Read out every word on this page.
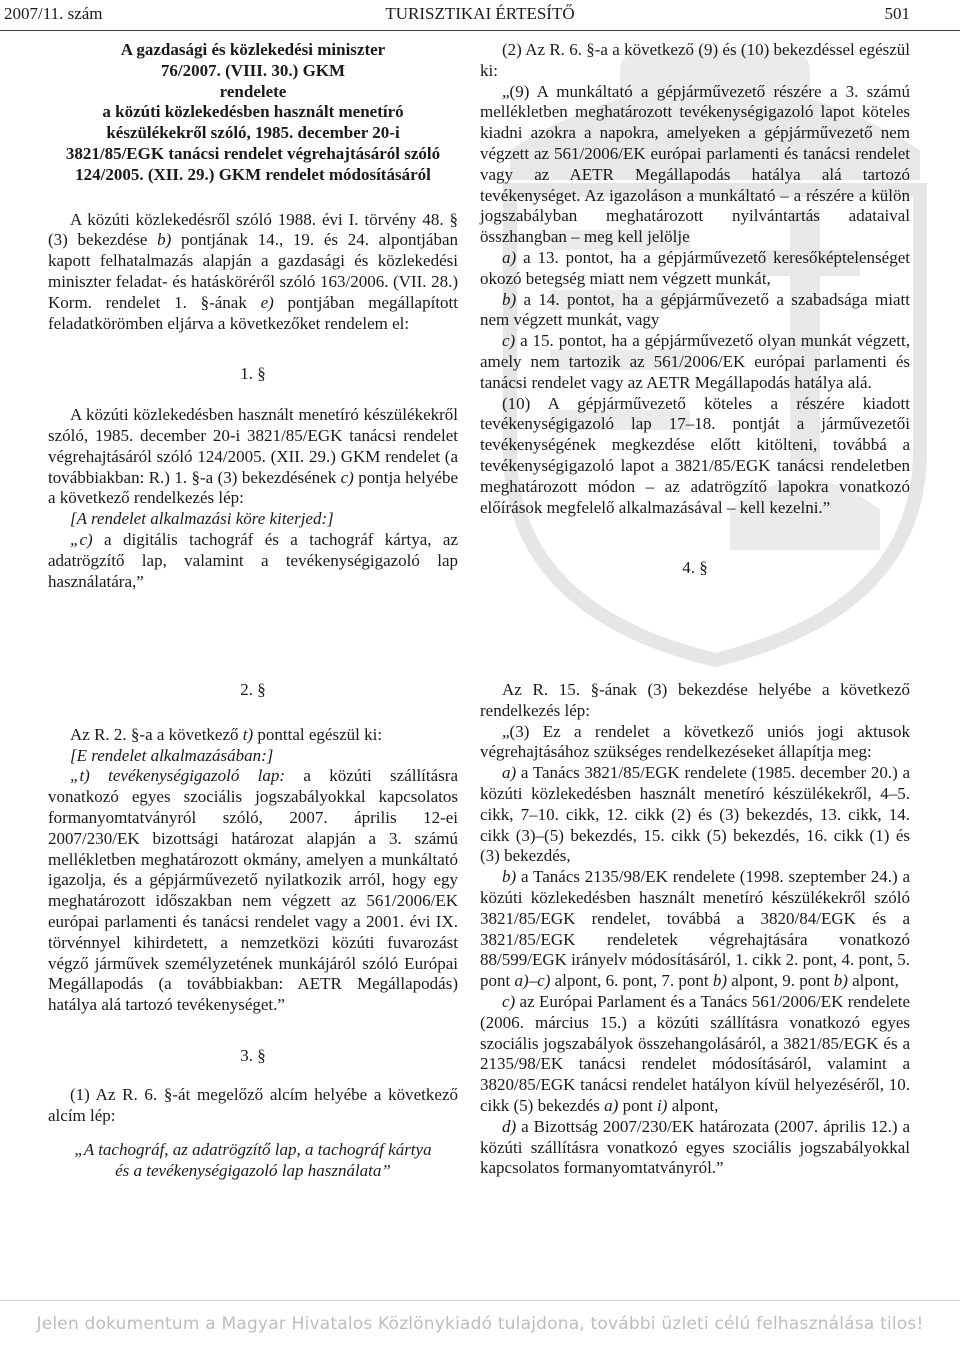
2007/11. szám	TURISZTIKAI ÉRTESÍTŐ	501

A gazdasági és közlekedési miniszter

76/2007. (VIII. 30.) GKM

rendelete

a közúti közlekedésben használt menetíró

készülékekről szóló, 1985. december 20-i

3821/85/EGK tanácsi rendelet végrehajtásáról szóló

124/2005. (XII. 29.) GKM rendelet módosításáról

A közúti közlekedésről szóló 1988. évi I. törvény 48. § (3) bekezdése b) pontjának 14., 19. és 24. alpontjában kapott felhatalmazás alapján a gazdasági és közlekedési miniszter feladat- és hatásköréről szóló 163/2006. (VII. 28.) Korm. rendelet 1. §-ának e) pontjában megállapított feladatkörömben eljárva a következőket rendelem el:

1. §

A közúti közlekedésben használt menetíró készülékekről szóló, 1985. december 20-i 3821/85/EGK tanácsi rendelet végrehajtásáról szóló 124/2005. (XII. 29.) GKM rendelet (a továbbiakban: R.) 1. §-a (3) bekezdésének c) pontja helyébe a következő rendelkezés lép:

[A rendelet alkalmazási köre kiterjed:]

„c) a digitális tachográf és a tachográf kártya, az adatrögzítő lap, valamint a tevékenységigazoló lap használatára,”

(2) Az R. 6. §-a a következő (9) és (10) bekezdéssel egészül ki:

„(9) A munkáltató a gépjárművezető részére a 3. számú mellékletben meghatározott tevékenységigazoló lapot köteles kiadni azokra a napokra, amelyeken a gépjárművezető nem végzett az 561/2006/EK európai parlamenti és tanácsi rendelet vagy az AETR Megállapodás hatálya alá tartozó tevékenységet. Az igazoláson a munkáltató – a részére a külön jogszabályban meghatározott nyilvántartás adataival összhangban – meg kell jelölje

a) a 13. pontot, ha a gépjárművezető keresőképtelenséget okozó betegség miatt nem végzett munkát,

b) a 14. pontot, ha a gépjárművezető a szabadsága miatt nem végzett munkát, vagy

c) a 15. pontot, ha a gépjárművezető olyan munkát végzett, amely nem tartozik az 561/2006/EK európai parlamenti és tanácsi rendelet vagy az AETR Megállapodás hatálya alá.

(10) A gépjárművezető köteles a részére kiadott tevékenységigazoló lap 17–18. pontját a járművezetői tevékenységének megkezdése előtt kitölteni, továbbá a tevékenységigazoló lapot a 3821/85/EGK tanácsi rendeletben meghatározott módon – az adatrögzítő lapokra vonatkozó előírások megfelelő alkalmazásával – kell kezelni.”

4. §

2. §

Az R. 2. §-a a következő t) ponttal egészül ki:

[E rendelet alkalmazásában:]

„t) tevékenységigazoló lap: a közúti szállításra vonatkozó egyes szociális jogszabályokkal kapcsolatos formanyomtatványról szóló, 2007. április 12-ei 2007/230/EK bizottsági határozat alapján a 3. számú mellékletben meghatározott okmány, amelyen a munkáltató igazolja, és a gépjárművezető nyilatkozik arról, hogy egy meghatározott időszakban nem végzett az 561/2006/EK európai parlamenti és tanácsi rendelet vagy a 2001. évi IX. törvénnyel kihirdetett, a nemzetközi közúti fuvarozást végző járművek személyzetének munkájáról szóló Európai Megállapodás (a továbbiakban: AETR Megállapodás) hatálya alá tartozó tevékenységet.”

3. §

(1) Az R. 6. §-át megelőző alcím helyébe a következő alcím lép:

„A tachográf, az adatrögzítő lap, a tachográf kártya

és a tevékenységigazoló lap használata”

Az R. 15. §-ának (3) bekezdése helyébe a következő rendelkezés lép:

„(3) Ez a rendelet a következő uniós jogi aktusok végrehajtásához szükséges rendelkezéseket állapítja meg:

a) a Tanács 3821/85/EGK rendelete (1985. december 20.) a közúti közlekedésben használt menetíró készülékekről, 4–5. cikk, 7–10. cikk, 12. cikk (2) és (3) bekezdés, 13. cikk, 14. cikk (3)–(5) bekezdés, 15. cikk (5) bekezdés, 16. cikk (1) és (3) bekezdés,

b) a Tanács 2135/98/EK rendelete (1998. szeptember 24.) a közúti közlekedésben használt menetíró készülékekről szóló 3821/85/EGK rendelet, továbbá a 3820/84/EGK és a 3821/85/EGK rendeletek végrehajtására vonatkozó 88/599/EGK irányelv módosításáról, 1. cikk 2. pont, 4. pont, 5. pont a)–c) alpont, 6. pont, 7. pont b) alpont, 9. pont b) alpont,

c) az Európai Parlament és a Tanács 561/2006/EK rendelete (2006. március 15.) a közúti szállításra vonatkozó egyes szociális jogszabályok összehangolásáról, a 3821/85/EGK és a 2135/98/EK tanácsi rendelet módosításáról, valamint a 3820/85/EGK tanácsi rendelet hatályon kívül helyezéséről, 10. cikk (5) bekezdés a) pont i) alpont,

d) a Bizottság 2007/230/EK határozata (2007. április 12.) a közúti szállításra vonatkozó egyes szociális jogszabályokkal kapcsolatos formanyomtatványról.”

Jelen dokumentum a Magyar Hivatalos Közlönykiadó tulajdona, további üzleti célú felhasználása tilos!
